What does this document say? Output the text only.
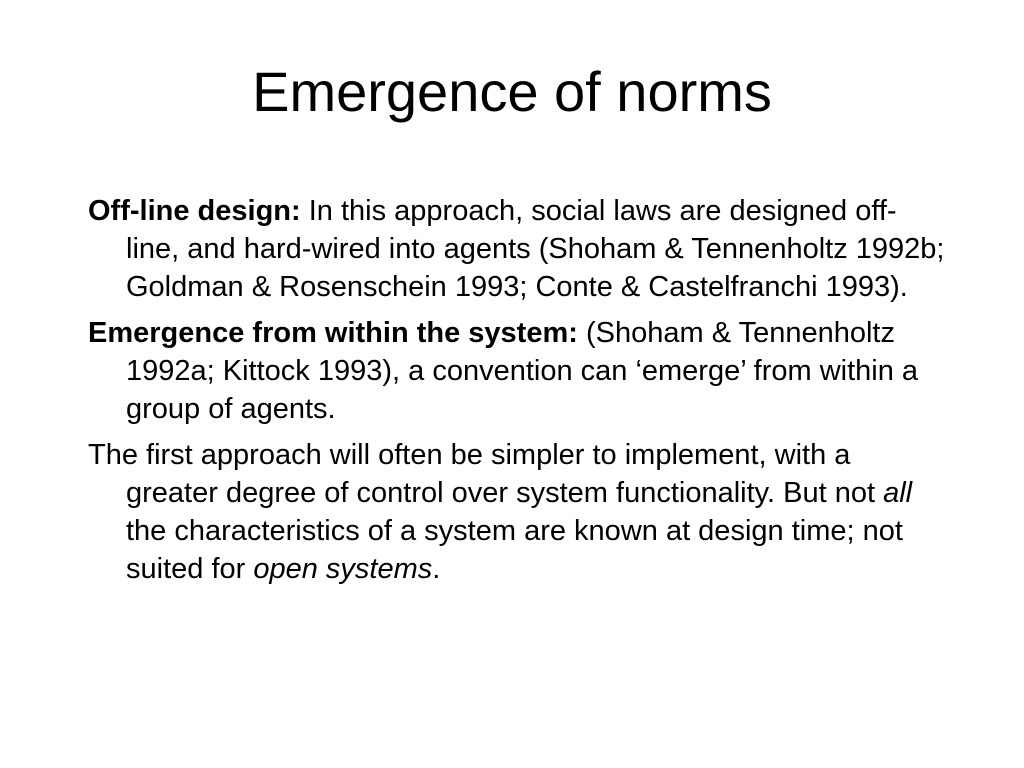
Emergence of norms

Off-line design: In this approach, social laws are designed off-line, and hard-wired into agents (Shoham & Tennenholtz 1992b; Goldman & Rosenschein 1993; Conte & Castelfranchi 1993).

Emergence from within the system: (Shoham & Tennenholtz 1992a; Kittock 1993), a convention can ‘emerge’ from within a group of agents.

The first approach will often be simpler to implement, with a greater degree of control over system functionality. But not all the characteristics of a system are known at design time; not suited for open systems.
